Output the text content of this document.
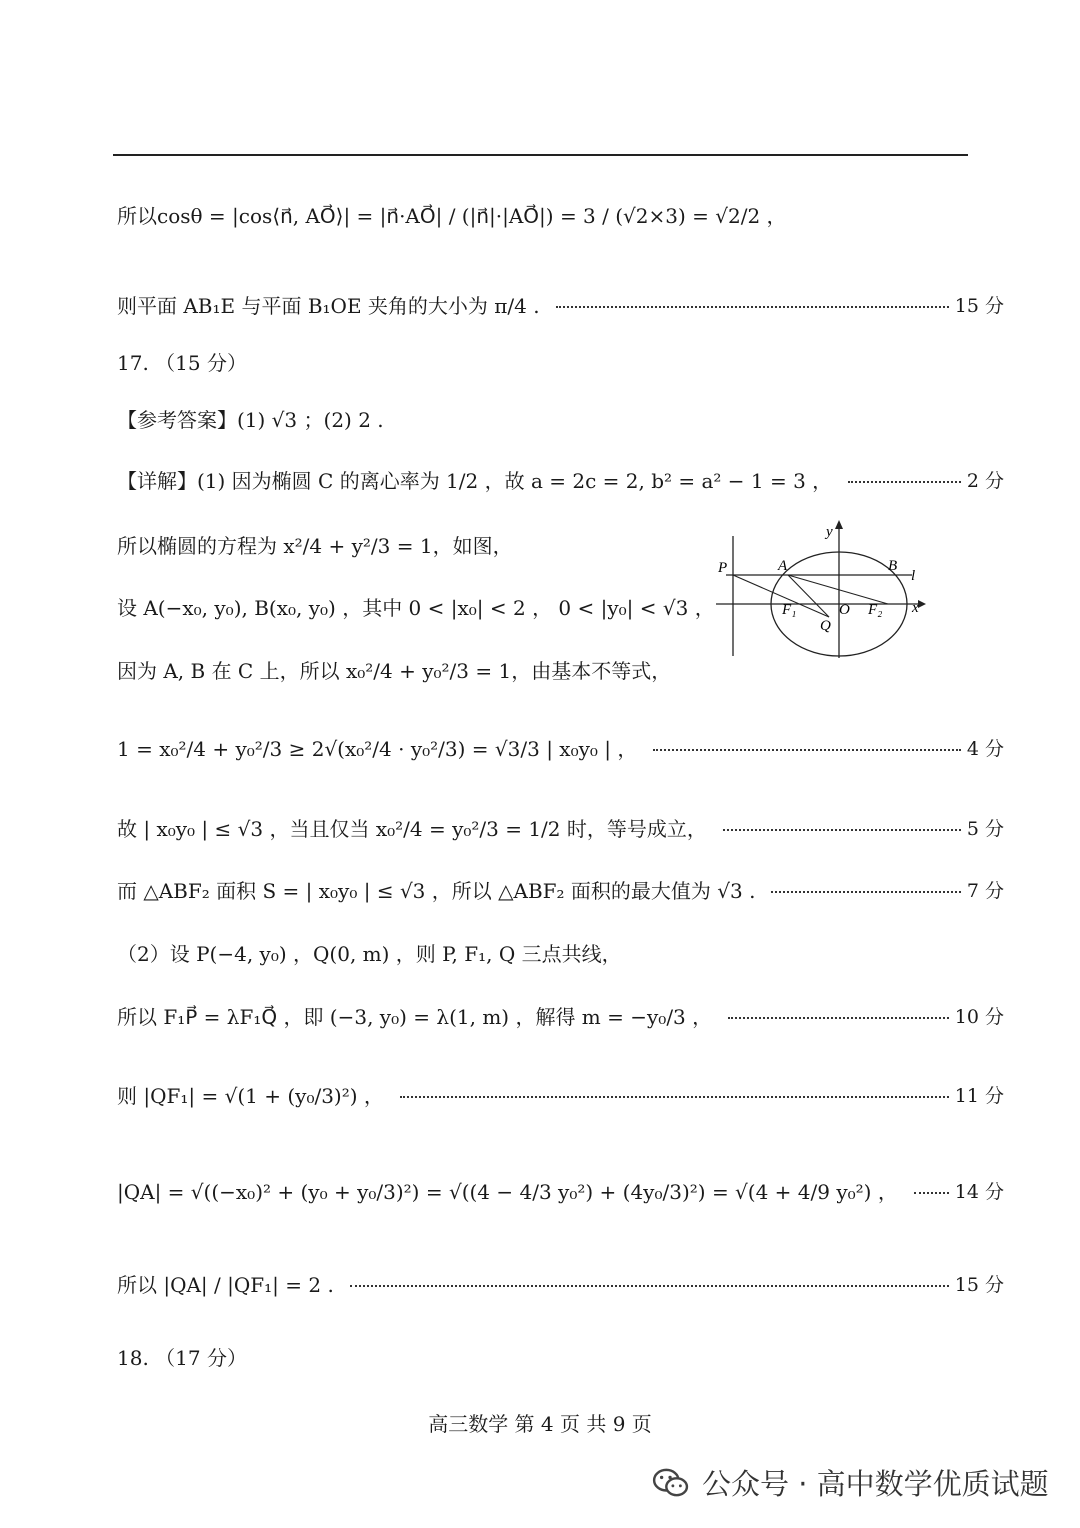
所以cosθ = |cos⟨n⃗, AO⃗⟩| = |n⃗·AO⃗| / (|n⃗|·|AO⃗|) = 3 / (√2×3) = √2/2 ，
则平面 AB₁E 与平面 B₁OE 夹角的大小为 π/4 .	15 分
17. （15 分）
【参考答案】(1) √3 ；(2) 2 .
【详解】(1) 因为椭圆 C 的离心率为 1/2 ，故 a = 2c = 2, b² = a² − 1 = 3 ，	2 分
所以椭圆的方程为 x²/4 + y²/3 = 1，如图，
设 A(−x₀, y₀), B(x₀, y₀) ，其中 0 < |x₀| < 2 ， 0 < |y₀| < √3 ，
因为 A, B 在 C 上，所以 x₀²/4 + y₀²/3 = 1，由基本不等式，
1 = x₀²/4 + y₀²/3 ≥ 2√(x₀²/4 · y₀²/3) = √3/3 | x₀y₀ | ，	4 分
故 | x₀y₀ | ≤ √3 ，当且仅当 x₀²/4 = y₀²/3 = 1/2 时，等号成立，	5 分
而 △ABF₂ 面积 S = | x₀y₀ | ≤ √3 ，所以 △ABF₂ 面积的最大值为 √3 .	7 分
（2）设 P(−4, y₀) ，Q(0, m) ，则 P, F₁, Q 三点共线，
所以 F₁P⃗ = λF₁Q⃗ ，即 (−3, y₀) = λ(1, m) ，解得 m = −y₀/3 ，	10 分
则 |QF₁| = √(1 + (y₀/3)²) ，	11 分
|QA| = √((−x₀)² + (y₀ + y₀/3)²) = √((4 − 4/3 y₀²) + (4y₀/3)²) = √(4 + 4/9 y₀²) ，	14 分
所以 |QA| / |QF₁| = 2 .	15 分
18. （17 分）
P	A	B
l
y
x
F₁	O F₂
Q
高三数学 第 4 页 共 9 页
公众号 · 高中数学优质试题
